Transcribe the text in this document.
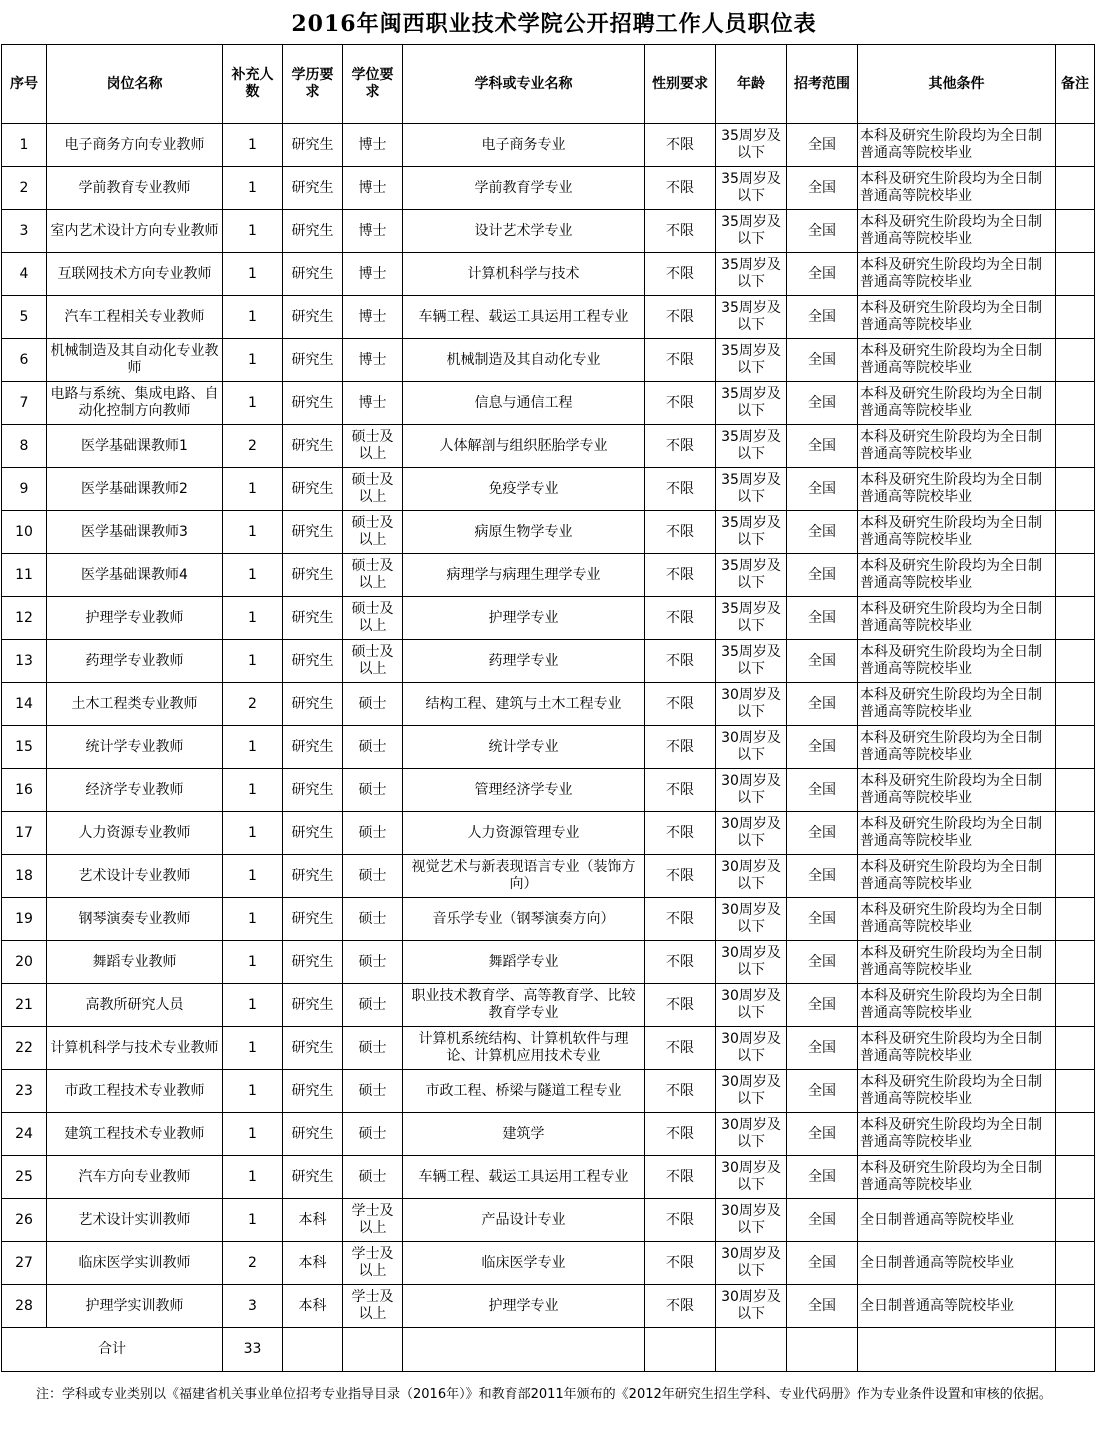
2016年闽西职业技术学院公开招聘工作人员职位表
序号	岗位名称	补充人数	学历要求	学位要求	学科或专业名称	性别要求	年龄	招考范围	其他条件	备注
1	电子商务方向专业教师	1	研究生	博士	电子商务专业	不限	35周岁及以下	全国	本科及研究生阶段均为全日制普通高等院校毕业	
2	学前教育专业教师	1	研究生	博士	学前教育学专业	不限	35周岁及以下	全国	本科及研究生阶段均为全日制普通高等院校毕业	
3	室内艺术设计方向专业教师	1	研究生	博士	设计艺术学专业	不限	35周岁及以下	全国	本科及研究生阶段均为全日制普通高等院校毕业	
4	互联网技术方向专业教师	1	研究生	博士	计算机科学与技术	不限	35周岁及以下	全国	本科及研究生阶段均为全日制普通高等院校毕业	
5	汽车工程相关专业教师	1	研究生	博士	车辆工程、载运工具运用工程专业	不限	35周岁及以下	全国	本科及研究生阶段均为全日制普通高等院校毕业	
6	机械制造及其自动化专业教师	1	研究生	博士	机械制造及其自动化专业	不限	35周岁及以下	全国	本科及研究生阶段均为全日制普通高等院校毕业	
7	电路与系统、集成电路、自动化控制方向教师	1	研究生	博士	信息与通信工程	不限	35周岁及以下	全国	本科及研究生阶段均为全日制普通高等院校毕业	
8	医学基础课教师1	2	研究生	硕士及以上	人体解剖与组织胚胎学专业	不限	35周岁及以下	全国	本科及研究生阶段均为全日制普通高等院校毕业	
9	医学基础课教师2	1	研究生	硕士及以上	免疫学专业	不限	35周岁及以下	全国	本科及研究生阶段均为全日制普通高等院校毕业	
10	医学基础课教师3	1	研究生	硕士及以上	病原生物学专业	不限	35周岁及以下	全国	本科及研究生阶段均为全日制普通高等院校毕业	
11	医学基础课教师4	1	研究生	硕士及以上	病理学与病理生理学专业	不限	35周岁及以下	全国	本科及研究生阶段均为全日制普通高等院校毕业	
12	护理学专业教师	1	研究生	硕士及以上	护理学专业	不限	35周岁及以下	全国	本科及研究生阶段均为全日制普通高等院校毕业	
13	药理学专业教师	1	研究生	硕士及以上	药理学专业	不限	35周岁及以下	全国	本科及研究生阶段均为全日制普通高等院校毕业	
14	土木工程类专业教师	2	研究生	硕士	结构工程、建筑与土木工程专业	不限	30周岁及以下	全国	本科及研究生阶段均为全日制普通高等院校毕业	
15	统计学专业教师	1	研究生	硕士	统计学专业	不限	30周岁及以下	全国	本科及研究生阶段均为全日制普通高等院校毕业	
16	经济学专业教师	1	研究生	硕士	管理经济学专业	不限	30周岁及以下	全国	本科及研究生阶段均为全日制普通高等院校毕业	
17	人力资源专业教师	1	研究生	硕士	人力资源管理专业	不限	30周岁及以下	全国	本科及研究生阶段均为全日制普通高等院校毕业	
18	艺术设计专业教师	1	研究生	硕士	视觉艺术与新表现语言专业（装饰方向）	不限	30周岁及以下	全国	本科及研究生阶段均为全日制普通高等院校毕业	
19	钢琴演奏专业教师	1	研究生	硕士	音乐学专业（钢琴演奏方向）	不限	30周岁及以下	全国	本科及研究生阶段均为全日制普通高等院校毕业	
20	舞蹈专业教师	1	研究生	硕士	舞蹈学专业	不限	30周岁及以下	全国	本科及研究生阶段均为全日制普通高等院校毕业	
21	高教所研究人员	1	研究生	硕士	职业技术教育学、高等教育学、比较教育学专业	不限	30周岁及以下	全国	本科及研究生阶段均为全日制普通高等院校毕业	
22	计算机科学与技术专业教师	1	研究生	硕士	计算机系统结构、计算机软件与理论、计算机应用技术专业	不限	30周岁及以下	全国	本科及研究生阶段均为全日制普通高等院校毕业	
23	市政工程技术专业教师	1	研究生	硕士	市政工程、桥梁与隧道工程专业	不限	30周岁及以下	全国	本科及研究生阶段均为全日制普通高等院校毕业	
24	建筑工程技术专业教师	1	研究生	硕士	建筑学	不限	30周岁及以下	全国	本科及研究生阶段均为全日制普通高等院校毕业	
25	汽车方向专业教师	1	研究生	硕士	车辆工程、载运工具运用工程专业	不限	30周岁及以下	全国	本科及研究生阶段均为全日制普通高等院校毕业	
26	艺术设计实训教师	1	本科	学士及以上	产品设计专业	不限	30周岁及以下	全国	全日制普通高等院校毕业	
27	临床医学实训教师	2	本科	学士及以上	临床医学专业	不限	30周岁及以下	全国	全日制普通高等院校毕业	
28	护理学实训教师	3	本科	学士及以上	护理学专业	不限	30周岁及以下	全国	全日制普通高等院校毕业	
合计		33								
注：学科或专业类别以《福建省机关事业单位招考专业指导目录（2016年）》和教育部2011年颁布的《2012年研究生招生学科、专业代码册》作为专业条件设置和审核的依据。
